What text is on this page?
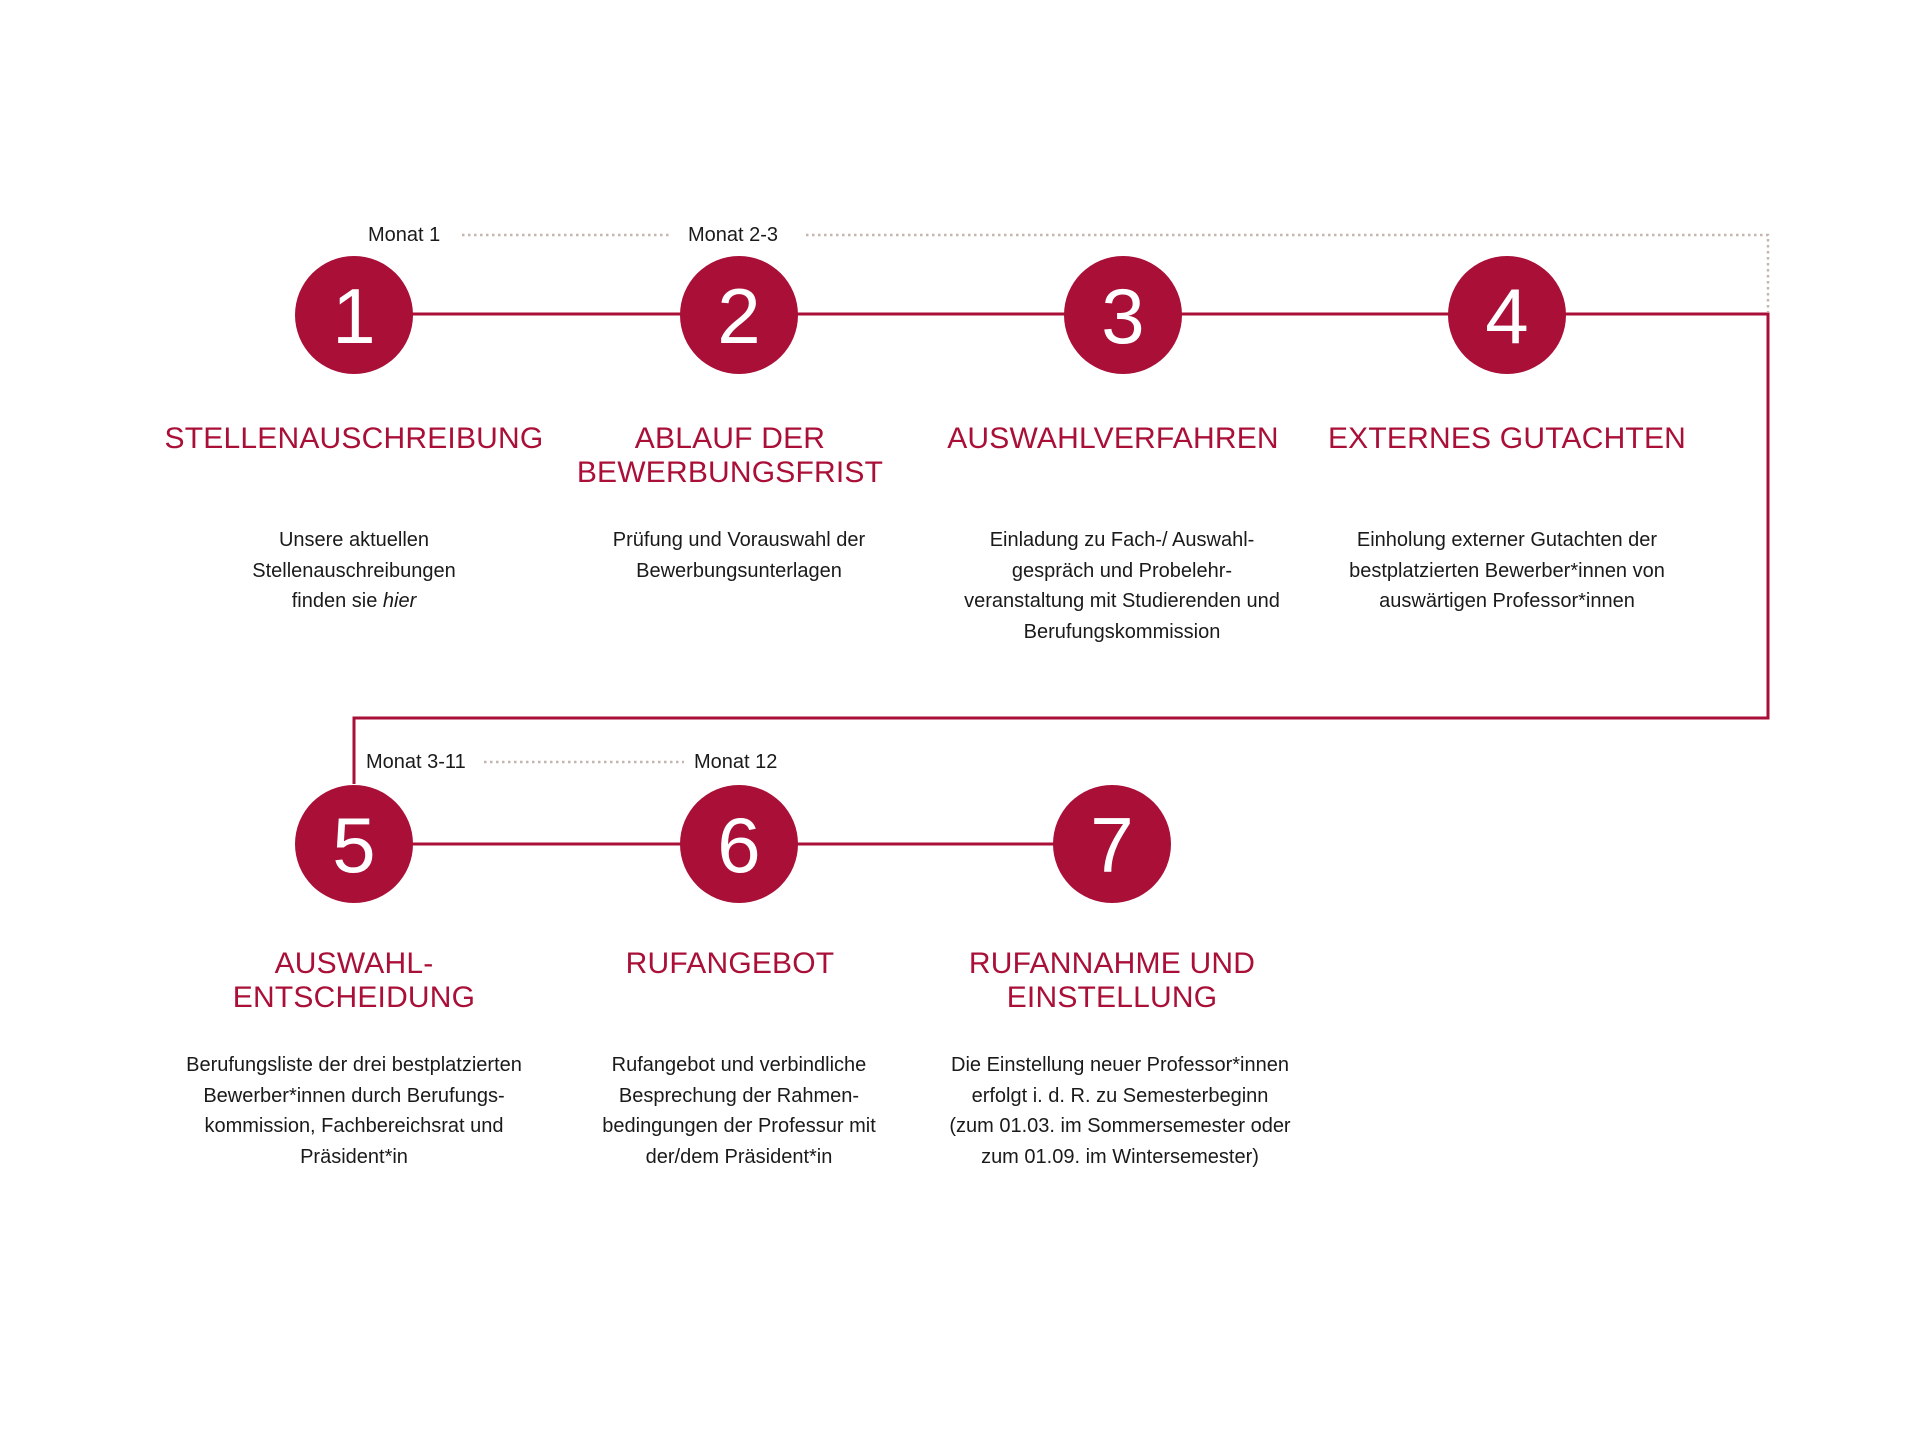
Monat 1	Monat 2-3
Monat 3-11	Monat 12
1
STELLENAUSCHREIBUNG
Unsere aktuellen Stellenauschreibungen finden sie hier
2
ABLAUF DER BEWERBUNGSFRIST
Prüfung und Vorauswahl der Bewerbungsunterlagen
3
AUSWAHLVERFAHREN
Einladung zu Fach-/ Auswahl-gespräch und Probelehr-veranstaltung mit Studierenden und Berufungskommission
4
EXTERNES GUTACHTEN
Einholung externer Gutachten der bestplatzierten Bewerber*innen von auswärtigen Professor*innen
5
AUSWAHL-ENTSCHEIDUNG
Berufungsliste der drei bestplatzierten Bewerber*innen durch Berufungs-kommission, Fachbereichsrat und Präsident*in
6
RUFANGEBOT
Rufangebot und verbindliche Besprechung der Rahmen-bedingungen der Professur mit der/dem Präsident*in
7
RUFANNAHME UND EINSTELLUNG
Die Einstellung neuer Professor*innen erfolgt i. d. R. zu Semesterbeginn (zum 01.03. im Sommersemester oder zum 01.09. im Wintersemester)
